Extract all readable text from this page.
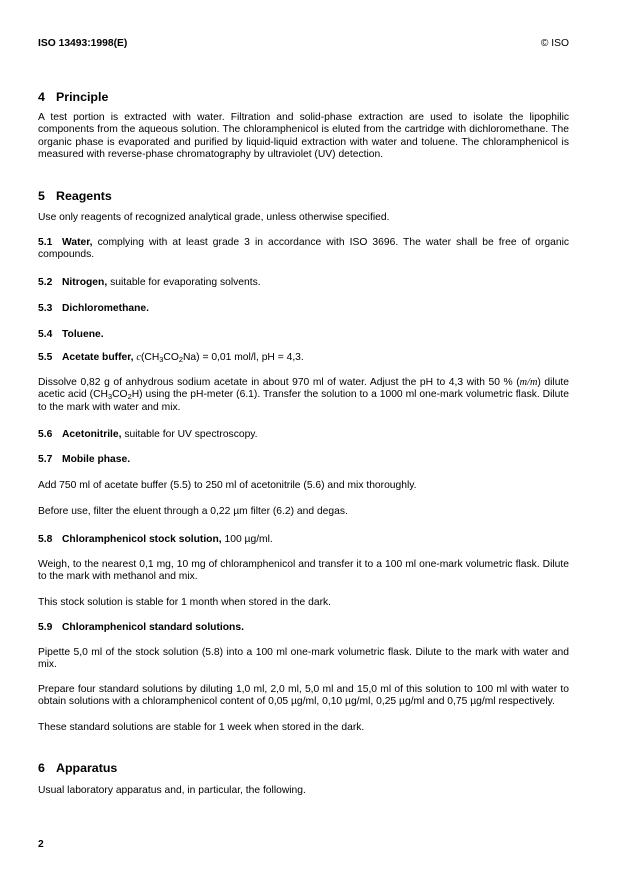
ISO 13493:1998(E)	© ISO

4 Principle

A test portion is extracted with water. Filtration and solid-phase extraction are used to isolate the lipophilic components from the aqueous solution. The chloramphenicol is eluted from the cartridge with dichloromethane. The organic phase is evaporated and purified by liquid-liquid extraction with water and toluene. The chloramphenicol is measured with reverse-phase chromatography by ultraviolet (UV) detection.

5 Reagents

Use only reagents of recognized analytical grade, unless otherwise specified.

5.1 Water, complying with at least grade 3 in accordance with ISO 3696. The water shall be free of organic compounds.

5.2 Nitrogen, suitable for evaporating solvents.

5.3 Dichloromethane.

5.4 Toluene.

5.5 Acetate buffer, $c(CH_3CO_2Na) = 0,01$ mol/l, pH = 4,3.

Dissolve 0,82 g of anhydrous sodium acetate in about 970 ml of water. Adjust the pH to 4,3 with 50 % (m/m) dilute acetic acid $(CH_3CO_2H)$ using the pH-meter (6.1). Transfer the solution to a 1000 ml one-mark volumetric flask. Dilute to the mark with water and mix.

5.6 Acetonitrile, suitable for UV spectroscopy.

5.7 Mobile phase.

Add 750 ml of acetate buffer (5.5) to 250 ml of acetonitrile (5.6) and mix thoroughly.

Before use, filter the eluent through a 0,22 µm filter (6.2) and degas.

5.8 Chloramphenicol stock solution, 100 µg/ml.

Weigh, to the nearest 0,1 mg, 10 mg of chloramphenicol and transfer it to a 100 ml one-mark volumetric flask. Dilute to the mark with methanol and mix.

This stock solution is stable for 1 month when stored in the dark.

5.9 Chloramphenicol standard solutions.

Pipette 5,0 ml of the stock solution (5.8) into a 100 ml one-mark volumetric flask. Dilute to the mark with water and mix.

Prepare four standard solutions by diluting 1,0 ml, 2,0 ml, 5,0 ml and 15,0 ml of this solution to 100 ml with water to obtain solutions with a chloramphenicol content of 0,05 µg/ml, 0,10 µg/ml, 0,25 µg/ml and 0,75 µg/ml respectively.

These standard solutions are stable for 1 week when stored in the dark.

6 Apparatus

Usual laboratory apparatus and, in particular, the following.

2
